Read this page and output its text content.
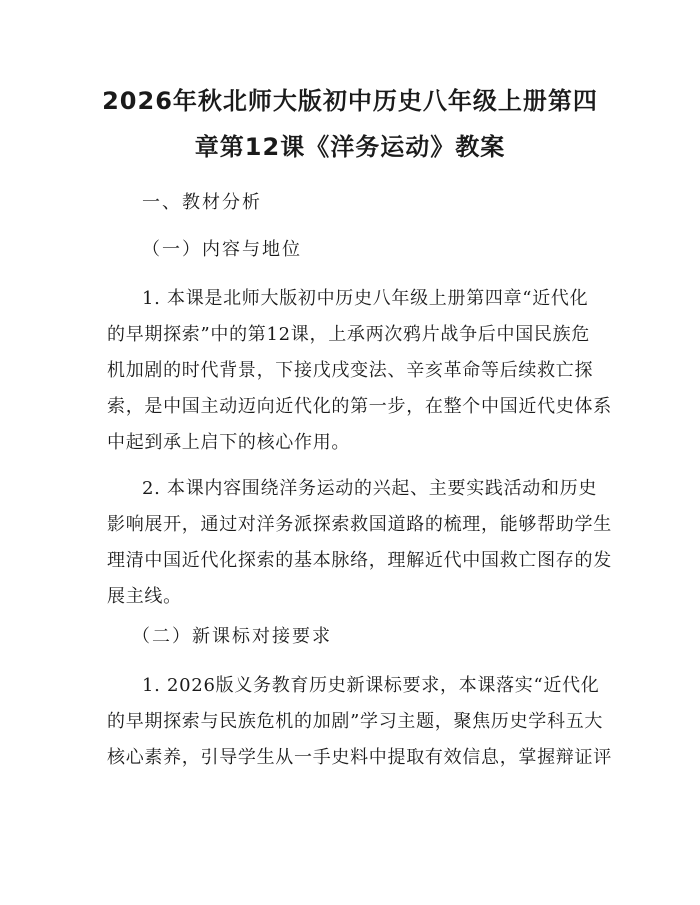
2026年秋北师大版初中历史八年级上册第四
章第12课《洋务运动》教案
一、教材分析
（一）内容与地位
1. 本课是北师大版初中历史八年级上册第四章“近代化
的早期探索”中的第12课，上承两次鸦片战争后中国民族危
机加剧的时代背景，下接戊戌变法、辛亥革命等后续救亡探
索，是中国主动迈向近代化的第一步，在整个中国近代史体系
中起到承上启下的核心作用。
2. 本课内容围绕洋务运动的兴起、主要实践活动和历史
影响展开，通过对洋务派探索救国道路的梳理，能够帮助学生
理清中国近代化探索的基本脉络，理解近代中国救亡图存的发
展主线。
（二）新课标对接要求
1. 2026版义务教育历史新课标要求，本课落实“近代化
的早期探索与民族危机的加剧”学习主题，聚焦历史学科五大
核心素养，引导学生从一手史料中提取有效信息，掌握辩证评
